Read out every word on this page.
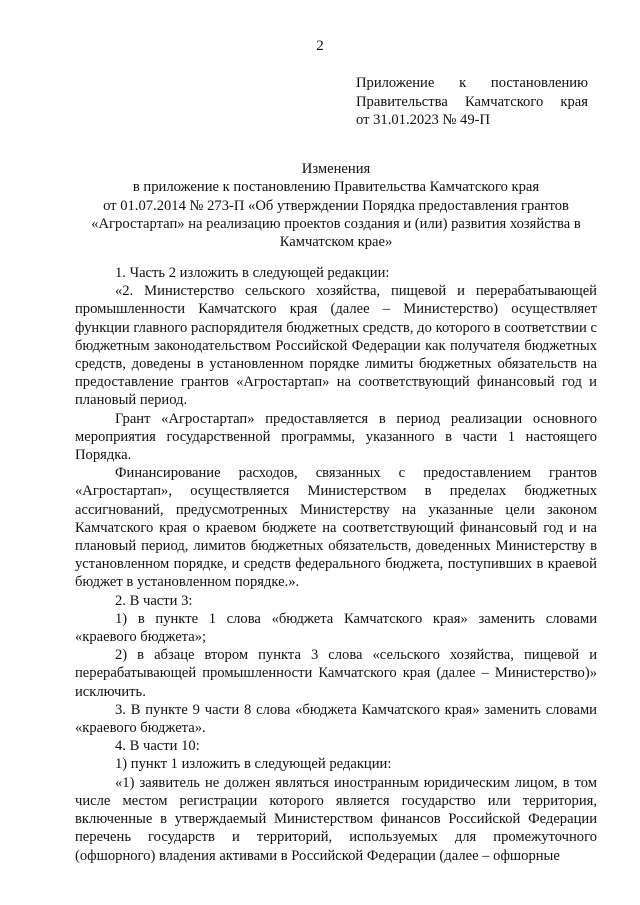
2
Приложение к постановлению
Правительства Камчатского края
от 31.01.2023 № 49-П
Изменения
в приложение к постановлению Правительства Камчатского края
от 01.07.2014 № 273-П «Об утверждении Порядка предоставления грантов
«Агростартап» на реализацию проектов создания и (или) развития хозяйства в
Камчатском крае»

1. Часть 2 изложить в следующей редакции:

«2. Министерство сельского хозяйства, пищевой и перерабатывающей промышленности Камчатского края (далее – Министерство) осуществляет функции главного распорядителя бюджетных средств, до которого в соответствии с бюджетным законодательством Российской Федерации как получателя бюджетных средств, доведены в установленном порядке лимиты бюджетных обязательств на предоставление грантов «Агростартап» на соответствующий финансовый год и плановый период.

Грант «Агростартап» предоставляется в период реализации основного мероприятия государственной программы, указанного в части 1 настоящего Порядка.

Финансирование расходов, связанных с предоставлением грантов «Агростартап», осуществляется Министерством в пределах бюджетных ассигнований, предусмотренных Министерству на указанные цели законом Камчатского края о краевом бюджете на соответствующий финансовый год и на плановый период, лимитов бюджетных обязательств, доведенных Министерству в установленном порядке, и средств федерального бюджета, поступивших в краевой бюджет в установленном порядке.».

2. В части 3:

1) в пункте 1 слова «бюджета Камчатского края» заменить словами «краевого бюджета»;

2) в абзаце втором пункта 3 слова «сельского хозяйства, пищевой и перерабатывающей промышленности Камчатского края (далее – Министерство)» исключить.

3. В пункте 9 части 8 слова «бюджета Камчатского края» заменить словами «краевого бюджета».

4. В части 10:

1) пункт 1 изложить в следующей редакции:

«1) заявитель не должен являться иностранным юридическим лицом, в том числе местом регистрации которого является государство или территория, включенные в утверждаемый Министерством финансов Российской Федерации перечень государств и территорий, используемых для промежуточного (офшорного) владения активами в Российской Федерации (далее – офшорные
